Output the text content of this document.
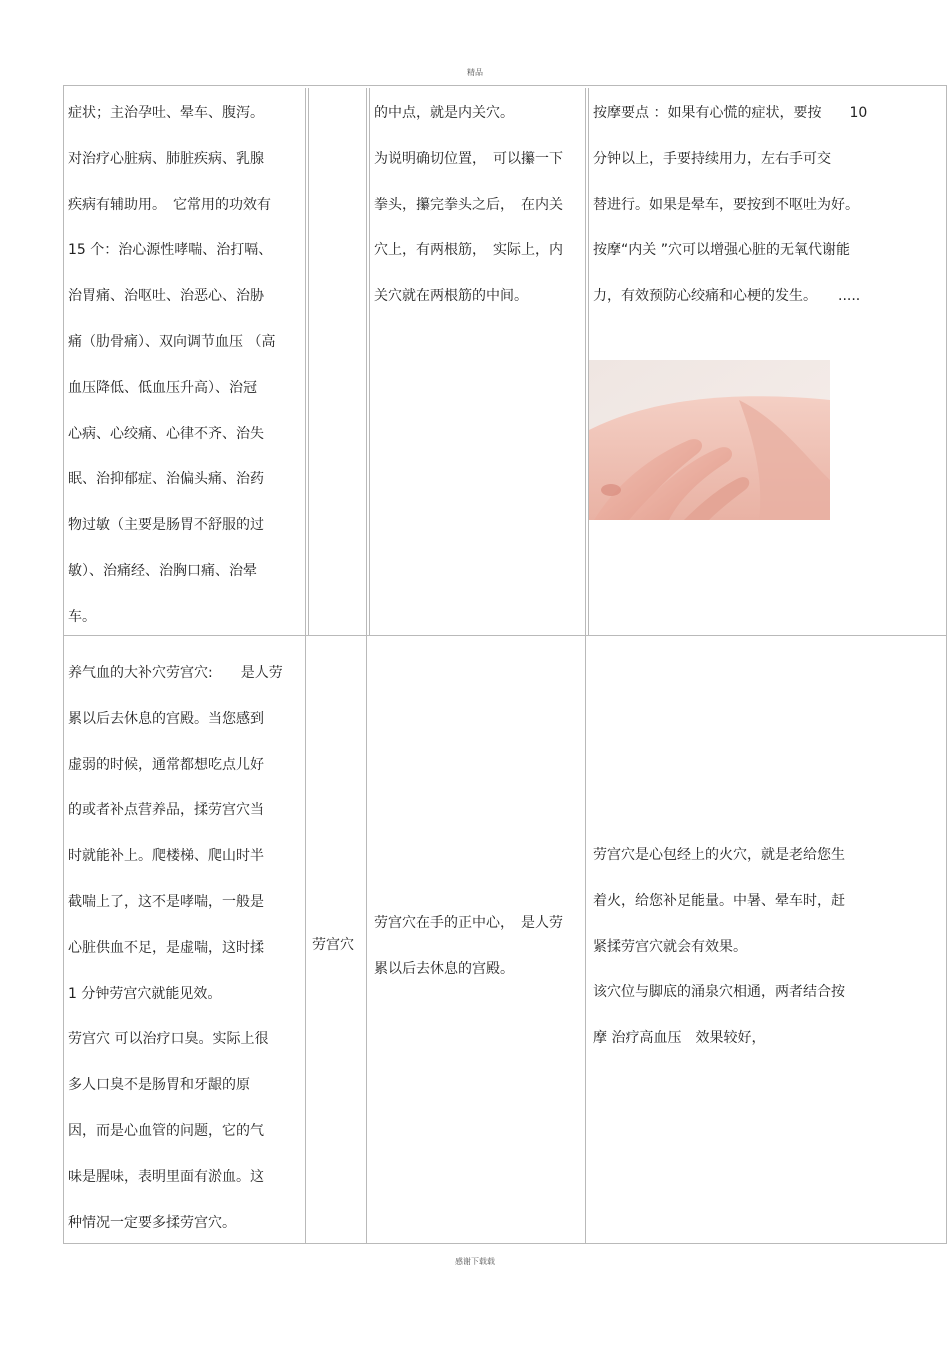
精品
症状；主治孕吐、晕车、腹泻。
对治疗心脏病、肺脏疾病、乳腺
疾病有辅助用。　它常用的功效有
15 个：治心源性哮喘、治打嗝、
治胃痛、治呕吐、治恶心、治胁
痛（肋骨痛）、双向调节血压 （高
血压降低、低血压升高）、治冠
心病、心绞痛、心律不齐、治失
眠、治抑郁症、治偏头痛、治药
物过敏（主要是肠胃不舒服的过
敏）、治痛经、治胸口痛、治晕
车。
的中点，就是内关穴。
为说明确切位置，　可以攥一下
拳头，攥完拳头之后，　在内关
穴上，有两根筋，　实际上，内
关穴就在两根筋的中间。
按摩要点 ：如果有心慌的症状，要按　　10
分钟以上，手要持续用力，左右手可交
替进行。如果是晕车，要按到不呕吐为好。
按摩“内关 ”穴可以增强心脏的无氧代谢能
力，有效预防心绞痛和心梗的发生。　　.....
养气血的大补穴劳宫穴:　　是人劳
累以后去休息的宫殿。当您感到
虚弱的时候，通常都想吃点儿好
的或者补点营养品，揉劳宫穴当
时就能补上。爬楼梯、爬山时半
截喘上了，这不是哮喘，一般是
心脏供血不足，是虚喘，这时揉
1 分钟劳宫穴就能见效。
劳宫穴 可以治疗口臭。实际上很
多人口臭不是肠胃和牙龈的原
因，而是心血管的问题，它的气
味是腥味，表明里面有淤血。这
种情况一定要多揉劳宫穴。
劳宫穴
劳宫穴在手的正中心，　是人劳
累以后去休息的宫殿。
劳宫穴是心包经上的火穴，就是老给您生
着火，给您补足能量。中暑、晕车时，赶
紧揉劳宫穴就会有效果。
该穴位与脚底的涌泉穴相通，两者结合按
摩 治疗高血压　效果较好，
感谢下载载
